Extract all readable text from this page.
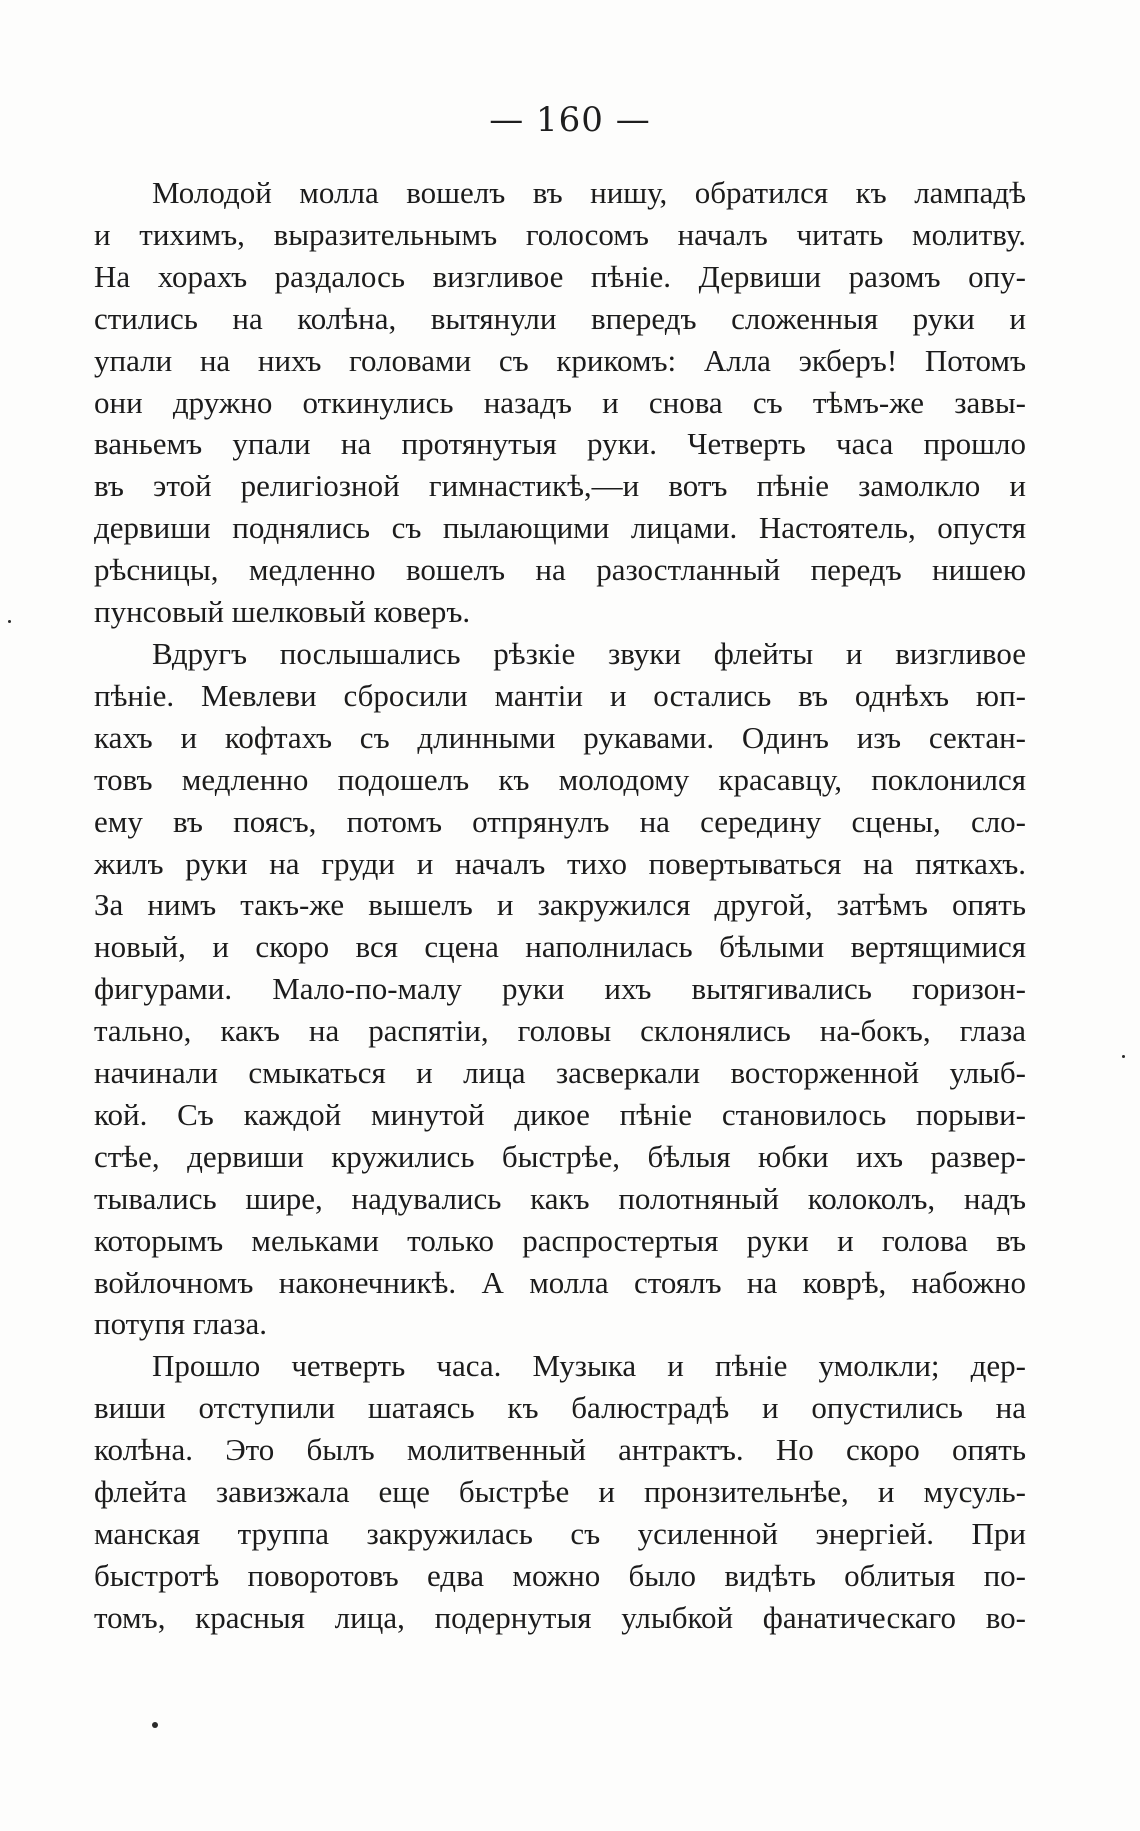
— 160 —

Молодой молла вошелъ въ нишу, обратился къ лампадѣ
и тихимъ, выразительнымъ голосомъ началъ читать молитву.
На хорахъ раздалось визгливое пѣніе. Дервиши разомъ опу-
стились на колѣна, вытянули впередъ сложенныя руки и
упали на нихъ головами съ крикомъ: Алла экберъ! Потомъ
они дружно откинулись назадъ и снова съ тѣмъ-же завы-
ваньемъ упали на протянутыя руки. Четверть часа прошло
въ этой религіозной гимнастикѣ,—и вотъ пѣніе замолкло и
дервиши поднялись съ пылающими лицами. Настоятель, опустя
рѣсницы, медленно вошелъ на разостланный передъ нишею
пунсовый шелковый коверъ.

Вдругъ послышались рѣзкіе звуки флейты и визгливое
пѣніе. Мевлеви сбросили мантіи и остались въ однѣхъ юп-
кахъ и кофтахъ съ длинными рукавами. Одинъ изъ сектан-
товъ медленно подошелъ къ молодому красавцу, поклонился
ему въ поясъ, потомъ отпрянулъ на середину сцены, сло-
жилъ руки на груди и началъ тихо повертываться на пяткахъ.
За нимъ такъ-же вышелъ и закружился другой, затѣмъ опять
новый, и скоро вся сцена наполнилась бѣлыми вертящимися
фигурами. Мало-по-малу руки ихъ вытягивались горизон-
тально, какъ на распятіи, головы склонялись на-бокъ, глаза
начинали смыкаться и лица засверкали восторженной улыб-
кой. Съ каждой минутой дикое пѣніе становилось порыви-
стѣе, дервиши кружились быстрѣе, бѣлыя юбки ихъ развер-
тывались шире, надувались какъ полотняный колоколъ, надъ
которымъ мельками только распростертыя руки и голова въ
войлочномъ наконечникѣ. А молла стоялъ на коврѣ, набожно
потупя глаза.

Прошло четверть часа. Музыка и пѣніе умолкли; дер-
виши отступили шатаясь къ балюстрадѣ и опустились на
колѣна. Это былъ молитвенный антрактъ. Но скоро опять
флейта завизжала еще быстрѣе и пронзительнѣе, и мусуль-
манская труппа закружилась съ усиленной энергіей. При
быстротѣ поворотовъ едва можно было видѣть облитыя по-
томъ, красныя лица, подернутыя улыбкой фанатическаго во-
